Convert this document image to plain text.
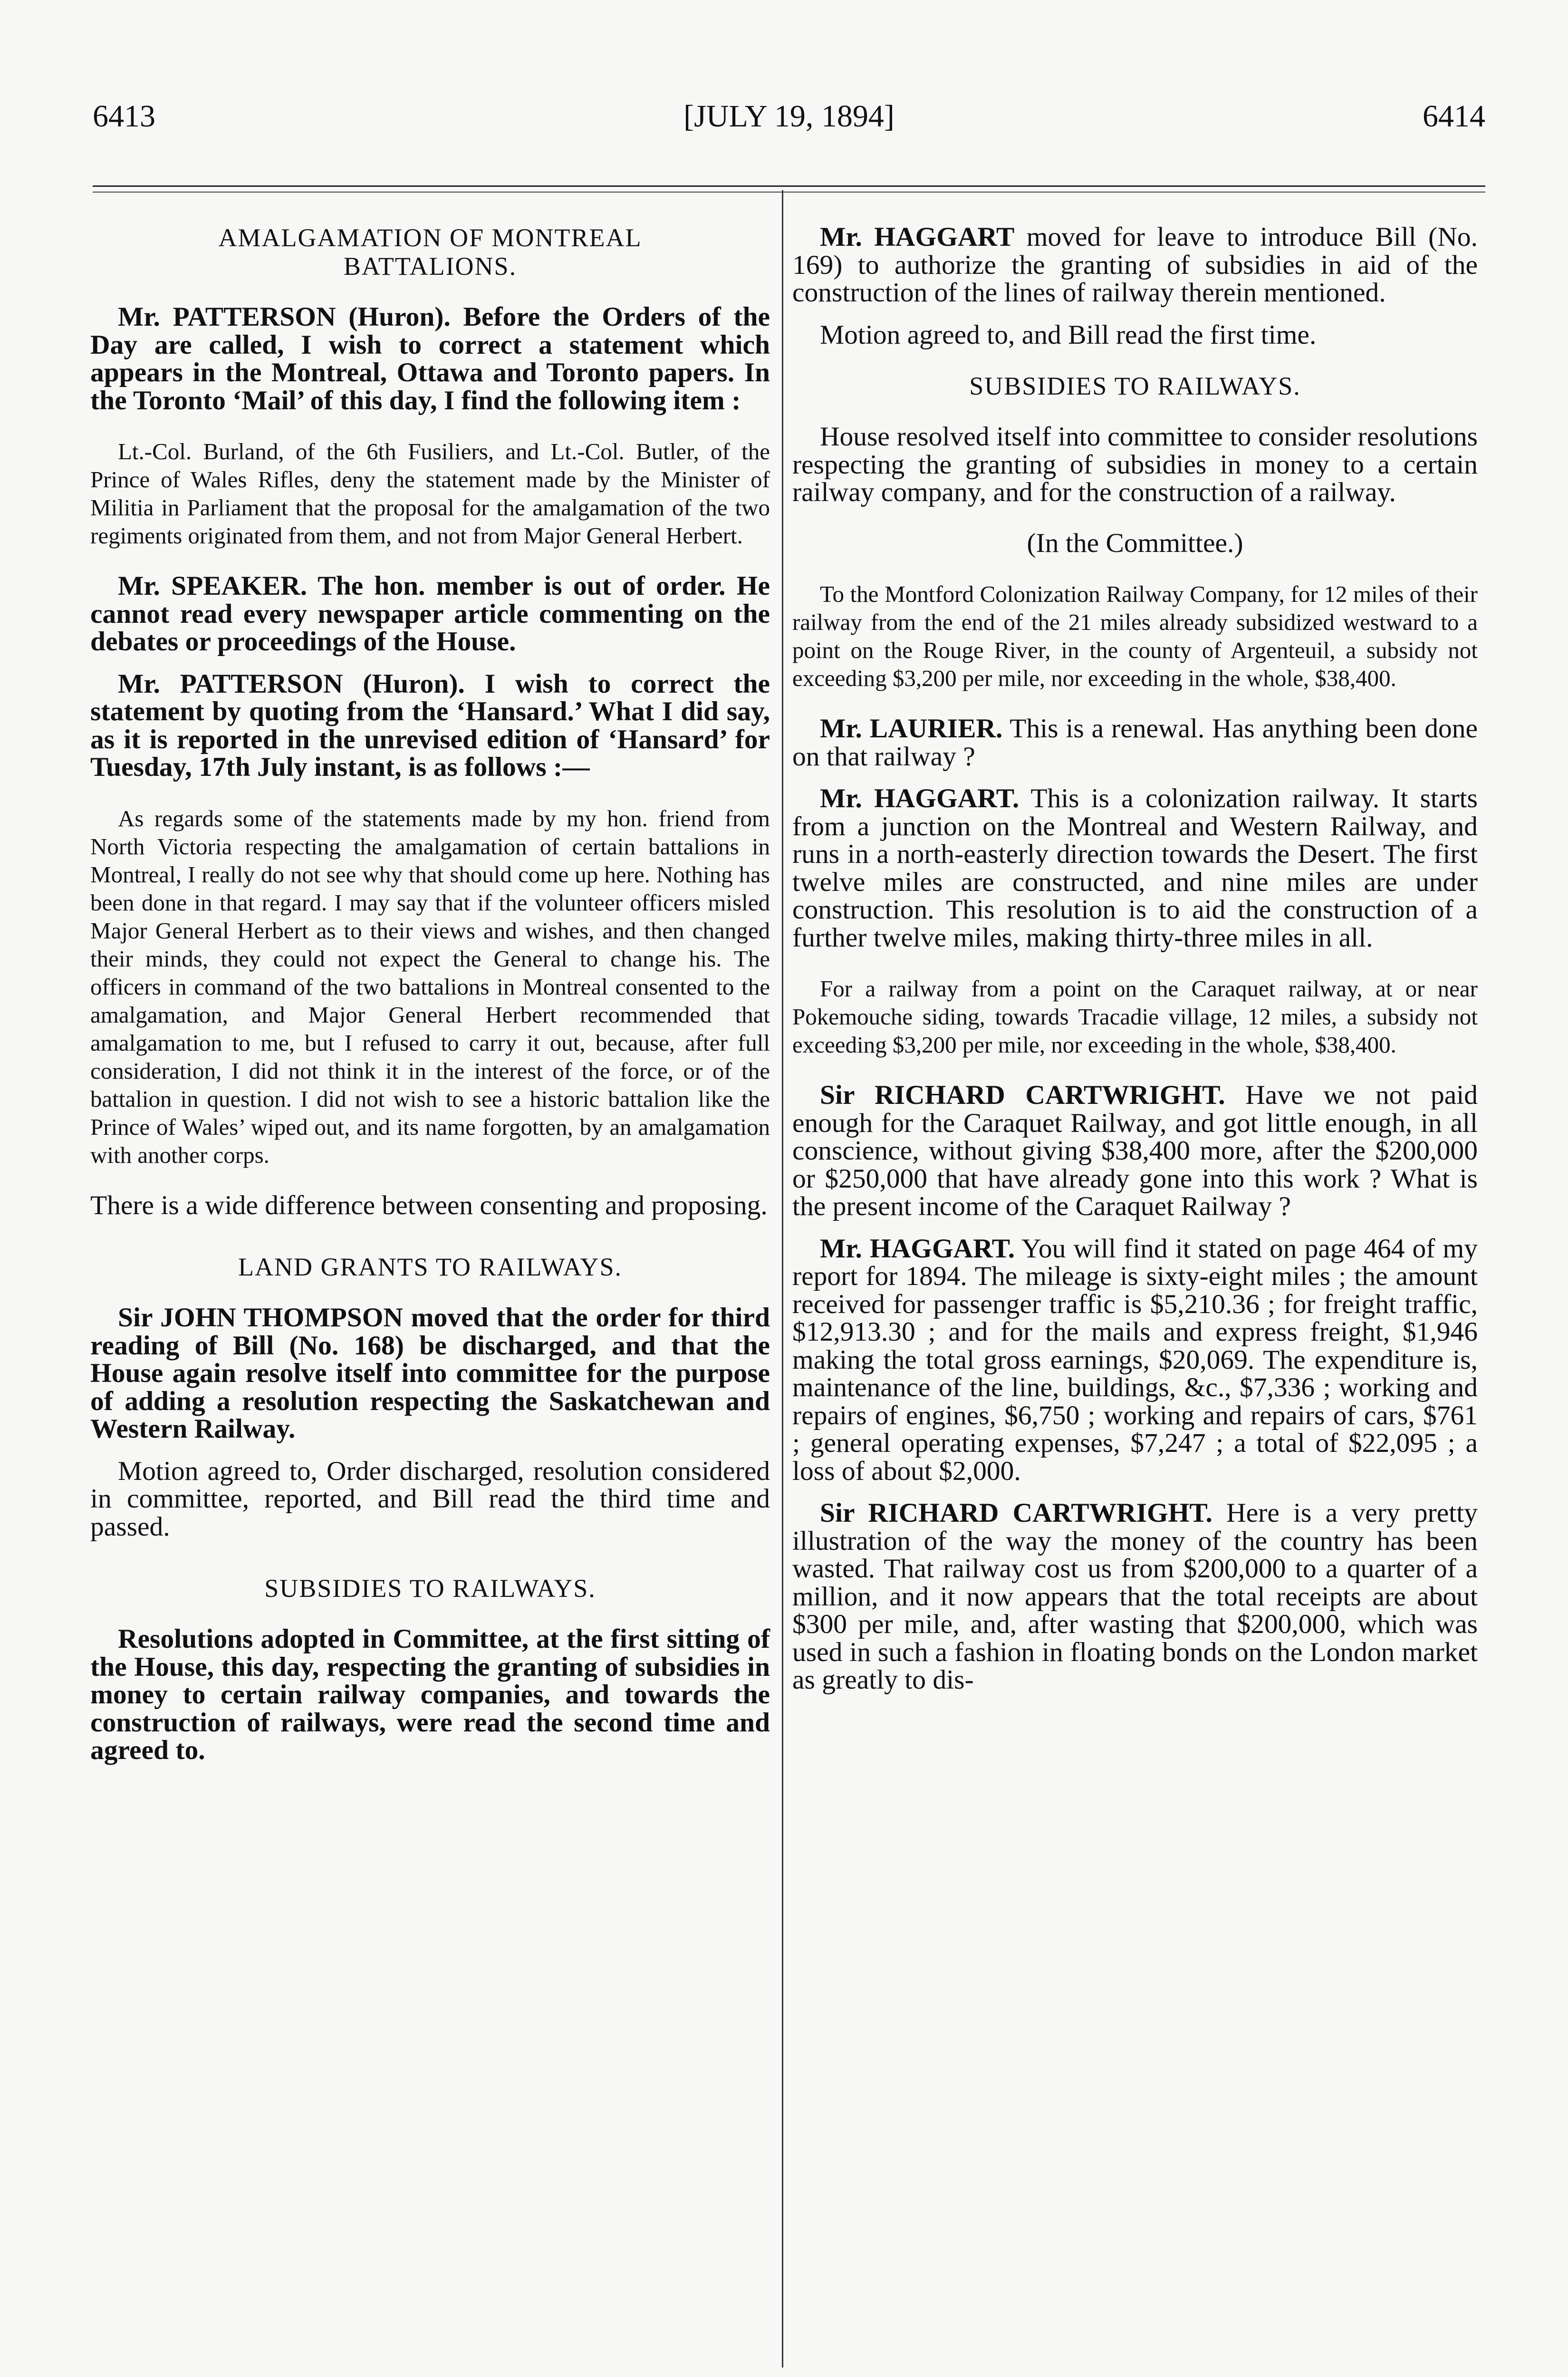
6413	[JULY 19, 1894]	6414
AMALGAMATION OF MONTREAL BATTALIONS.

Mr. PATTERSON (Huron). Before the Orders of the Day are called, I wish to correct a statement which appears in the Montreal, Ottawa and Toronto papers. In the Toronto ‘Mail’ of this day, I find the following item :

Lt.-Col. Burland, of the 6th Fusiliers, and Lt.-Col. Butler, of the Prince of Wales Rifles, deny the statement made by the Minister of Militia in Parliament that the proposal for the amalgamation of the two regiments originated from them, and not from Major General Herbert.

Mr. SPEAKER. The hon. member is out of order. He cannot read every newspaper article commenting on the debates or proceedings of the House.

Mr. PATTERSON (Huron). I wish to correct the statement by quoting from the ‘Hansard.’ What I did say, as it is reported in the unrevised edition of ‘Hansard’ for Tuesday, 17th July instant, is as follows :—

As regards some of the statements made by my hon. friend from North Victoria respecting the amalgamation of certain battalions in Montreal, I really do not see why that should come up here. Nothing has been done in that regard. I may say that if the volunteer officers misled Major General Herbert as to their views and wishes, and then changed their minds, they could not expect the General to change his. The officers in command of the two battalions in Montreal consented to the amalgamation, and Major General Herbert recommended that amalgamation to me, but I refused to carry it out, because, after full consideration, I did not think it in the interest of the force, or of the battalion in question. I did not wish to see a historic battalion like the Prince of Wales’ wiped out, and its name forgotten, by an amalgamation with another corps.

There is a wide difference between consenting and proposing.

LAND GRANTS TO RAILWAYS.

Sir JOHN THOMPSON moved that the order for third reading of Bill (No. 168) be discharged, and that the House again resolve itself into committee for the purpose of adding a resolution respecting the Saskatchewan and Western Railway.

Motion agreed to, Order discharged, resolution considered in committee, reported, and Bill read the third time and passed.

SUBSIDIES TO RAILWAYS.

Resolutions adopted in Committee, at the first sitting of the House, this day, respecting the granting of subsidies in money to certain railway companies, and towards the construction of railways, were read the second time and agreed to.

Mr. HAGGART moved for leave to introduce Bill (No. 169) to authorize the granting of subsidies in aid of the construction of the lines of railway therein mentioned.

Motion agreed to, and Bill read the first time.

SUBSIDIES TO RAILWAYS.

House resolved itself into committee to consider resolutions respecting the granting of subsidies in money to a certain railway company, and for the construction of a railway.

(In the Committee.)

To the Montford Colonization Railway Company, for 12 miles of their railway from the end of the 21 miles already subsidized westward to a point on the Rouge River, in the county of Argenteuil, a subsidy not exceeding $3,200 per mile, nor exceeding in the whole, $38,400.

Mr. LAURIER. This is a renewal. Has anything been done on that railway ?

Mr. HAGGART. This is a colonization railway. It starts from a junction on the Montreal and Western Railway, and runs in a north-easterly direction towards the Desert. The first twelve miles are constructed, and nine miles are under construction. This resolution is to aid the construction of a further twelve miles, making thirty-three miles in all.

For a railway from a point on the Caraquet railway, at or near Pokemouche siding, towards Tracadie village, 12 miles, a subsidy not exceeding $3,200 per mile, nor exceeding in the whole, $38,400.

Sir RICHARD CARTWRIGHT. Have we not paid enough for the Caraquet Railway, and got little enough, in all conscience, without giving $38,400 more, after the $200,000 or $250,000 that have already gone into this work ? What is the present income of the Caraquet Railway ?

Mr. HAGGART. You will find it stated on page 464 of my report for 1894. The mileage is sixty-eight miles ; the amount received for passenger traffic is $5,210.36 ; for freight traffic, $12,913.30 ; and for the mails and express freight, $1,946 making the total gross earnings, $20,069. The expenditure is, maintenance of the line, buildings, &c., $7,336 ; working and repairs of engines, $6,750 ; working and repairs of cars, $761 ; general operating expenses, $7,247 ; a total of $22,095 ; a loss of about $2,000.

Sir RICHARD CARTWRIGHT. Here is a very pretty illustration of the way the money of the country has been wasted. That railway cost us from $200,000 to a quarter of a million, and it now appears that the total receipts are about $300 per mile, and, after wasting that $200,000, which was used in such a fashion in floating bonds on the London market as greatly to dis-
